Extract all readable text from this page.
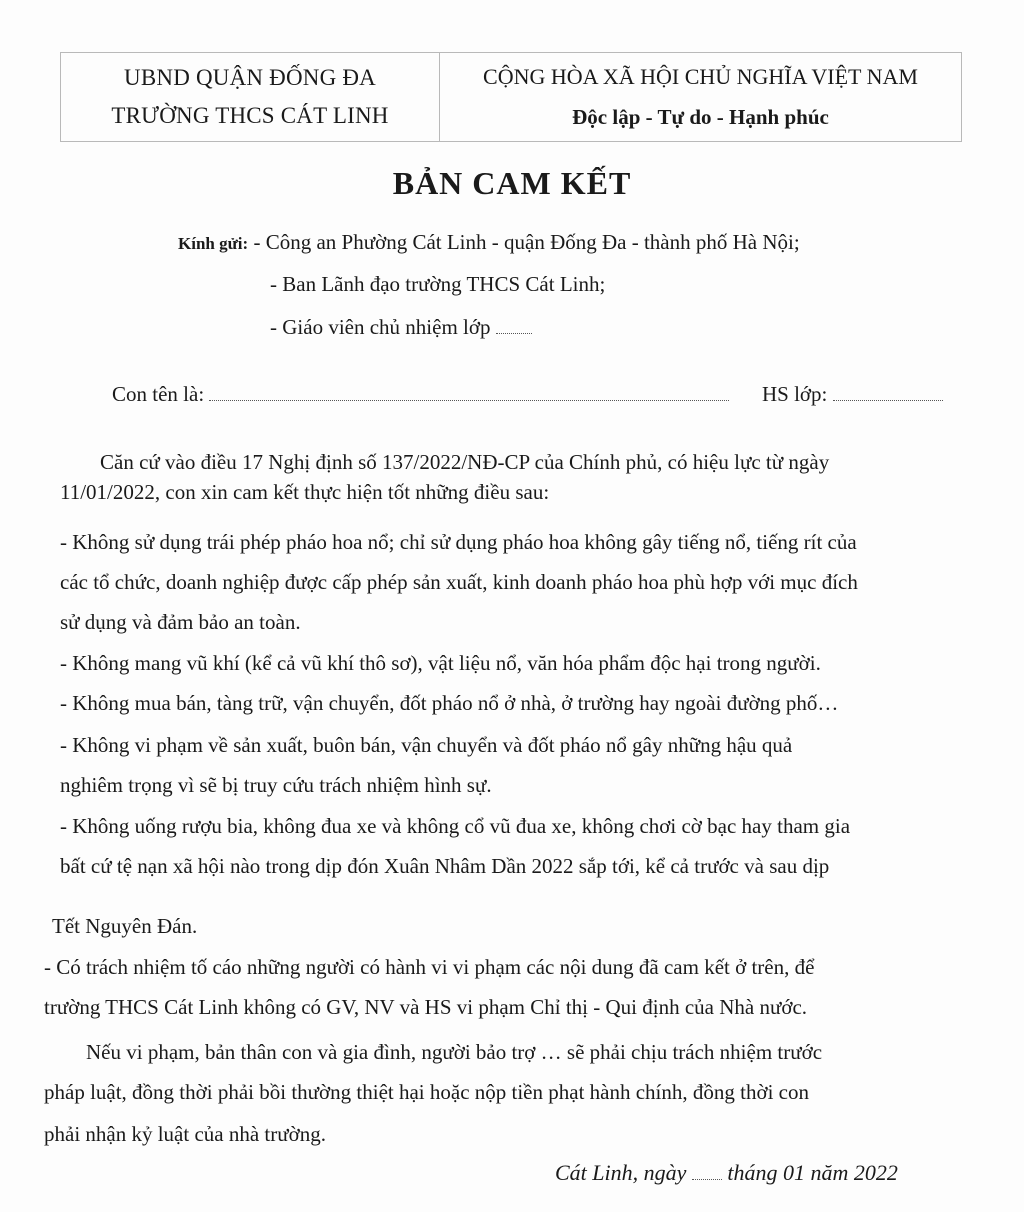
UBND QUẬN ĐỐNG ĐA
TRƯỜNG THCS CÁT LINH
CỘNG HÒA XÃ HỘI CHỦ NGHĨA VIỆT NAM
Độc lập - Tự do - Hạnh phúc
BẢN CAM KẾT
Kính gửi: - Công an Phường Cát Linh - quận Đống Đa - thành phố Hà Nội;
- Ban Lãnh đạo trường THCS Cát Linh;
- Giáo viên chủ nhiệm lớp
Con tên là:	HS lớp:
Căn cứ vào điều 17 Nghị định số 137/2022/NĐ-CP của Chính phủ, có hiệu lực từ ngày
11/01/2022, con xin cam kết thực hiện tốt những điều sau:
- Không sử dụng trái phép pháo hoa nổ; chỉ sử dụng pháo hoa không gây tiếng nổ, tiếng rít của
các tổ chức, doanh nghiệp được cấp phép sản xuất, kinh doanh pháo hoa phù hợp với mục đích
sử dụng và đảm bảo an toàn.
- Không mang vũ khí (kể cả vũ khí thô sơ), vật liệu nổ, văn hóa phẩm độc hại trong người.
- Không mua bán, tàng trữ, vận chuyển, đốt pháo nổ ở nhà, ở trường hay ngoài đường phố…
- Không vi phạm về sản xuất, buôn bán, vận chuyển và đốt pháo nổ gây những hậu quả
nghiêm trọng vì sẽ bị truy cứu trách nhiệm hình sự.
- Không uống rượu bia, không đua xe và không cổ vũ đua xe, không chơi cờ bạc hay tham gia
bất cứ tệ nạn xã hội nào trong dịp đón Xuân Nhâm Dần 2022 sắp tới, kể cả trước và sau dịp
Tết Nguyên Đán.
- Có trách nhiệm tố cáo những người có hành vi vi phạm các nội dung đã cam kết ở trên, để
trường THCS Cát Linh không có GV, NV và HS vi phạm Chỉ thị - Qui định của Nhà nước.
Nếu vi phạm, bản thân con và gia đình, người bảo trợ … sẽ phải chịu trách nhiệm trước
pháp luật, đồng thời phải bồi thường thiệt hại hoặc nộp tiền phạt hành chính, đồng thời con
phải nhận kỷ luật của nhà trường.
Cát Linh, ngày tháng 01 năm 2022
